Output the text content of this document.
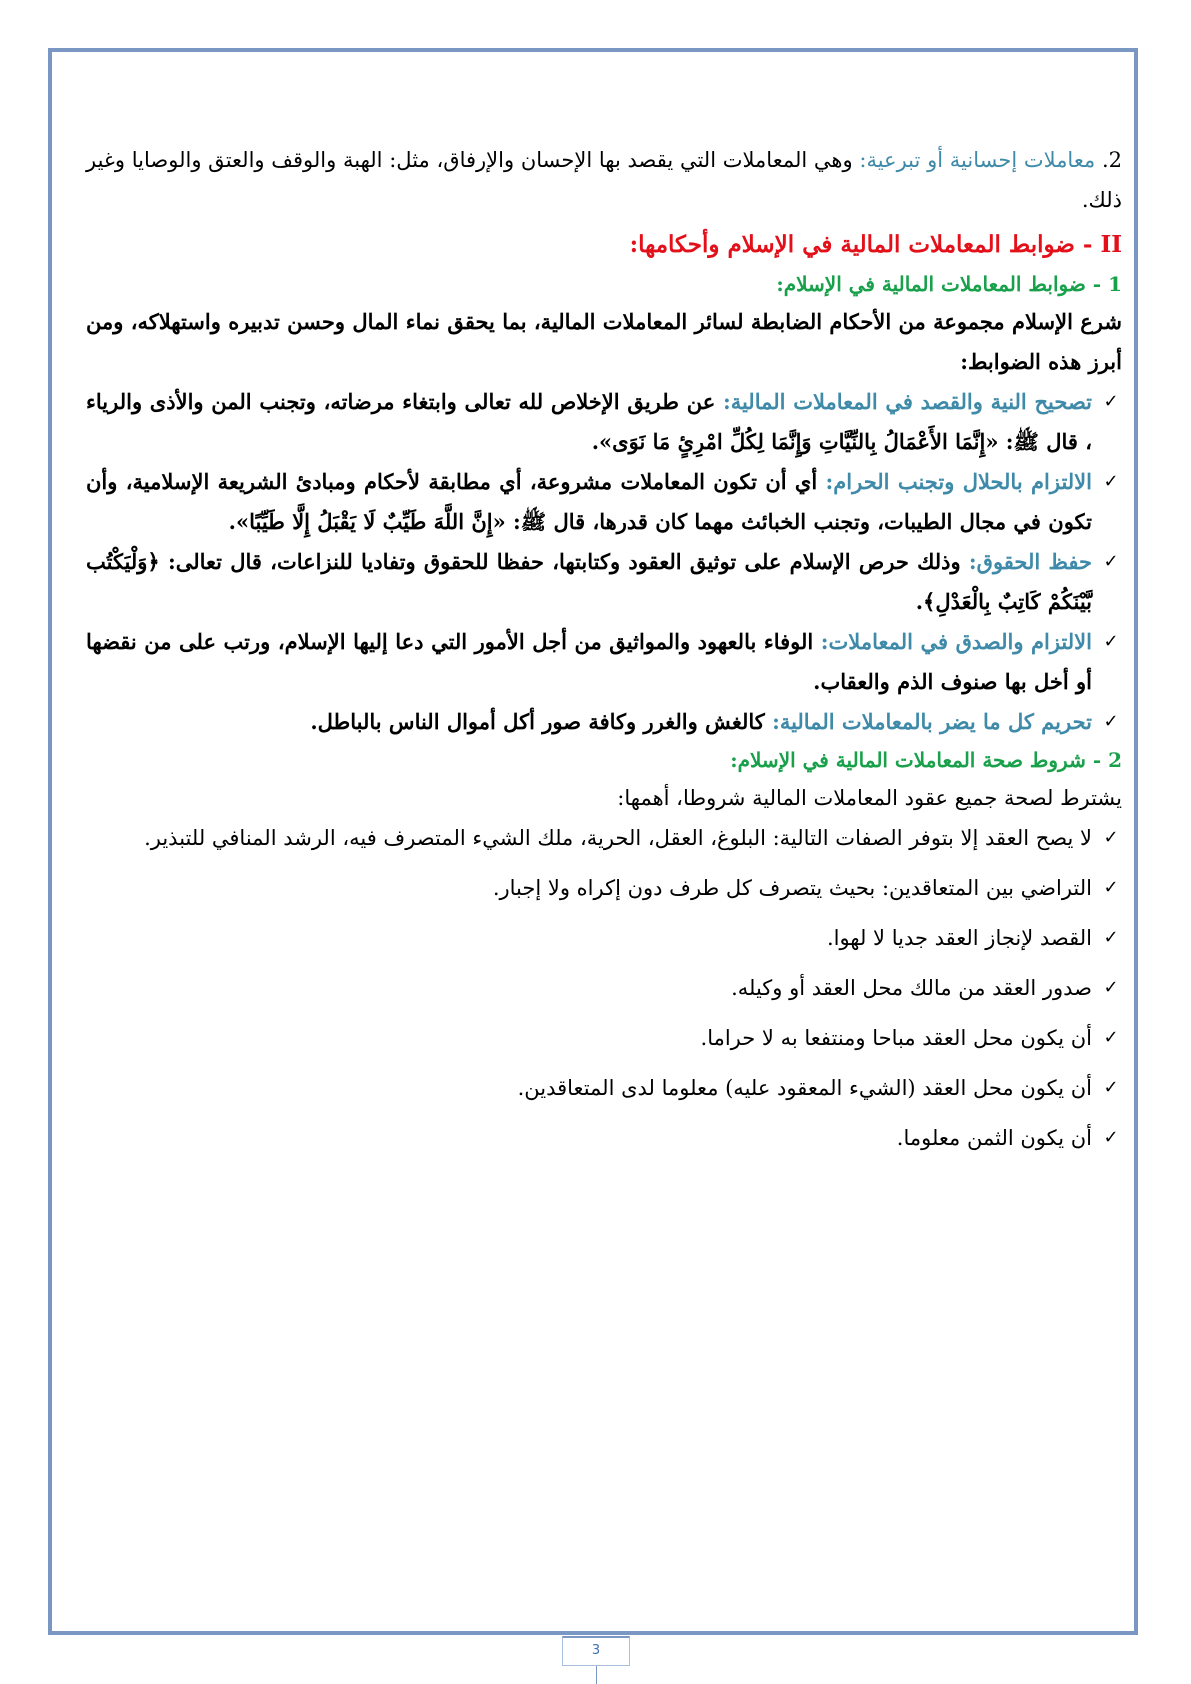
2. معاملات إحسانية أو تبرعية: وهي المعاملات التي يقصد بها الإحسان والإرفاق، مثل: الهبة والوقف والعتق والوصايا وغير ذلك.

II - ضوابط المعاملات المالية في الإسلام وأحكامها:

1 - ضوابط المعاملات المالية في الإسلام:

شرع الإسلام مجموعة من الأحكام الضابطة لسائر المعاملات المالية، بما يحقق نماء المال وحسن تدبيره واستهلاكه، ومن أبرز هذه الضوابط:

✓
تصحيح النية والقصد في المعاملات المالية: عن طريق الإخلاص لله تعالى وابتغاء مرضاته، وتجنب المن والأذى والرياء ، قال ﷺ: «إِنَّمَا الأَعْمَالُ بِالنِّيَّاتِ وَإِنَّمَا لِكُلِّ امْرِئٍ مَا نَوَى».
✓
الالتزام بالحلال وتجنب الحرام: أي أن تكون المعاملات مشروعة، أي مطابقة لأحكام ومبادئ الشريعة الإسلامية، وأن تكون في مجال الطيبات، وتجنب الخبائث مهما كان قدرها، قال ﷺ: «إِنَّ اللَّهَ طَيِّبٌ لَا يَقْبَلُ إِلَّا طَيِّبًا».
✓
حفظ الحقوق: وذلك حرص الإسلام على توثيق العقود وكتابتها، حفظا للحقوق وتفاديا للنزاعات، قال تعالى: ﴿وَلْيَكْتُب بَّيْنَكُمْ كَاتِبٌ بِالْعَدْلِ﴾.
✓
الالتزام والصدق في المعاملات: الوفاء بالعهود والمواثيق من أجل الأمور التي دعا إليها الإسلام، ورتب على من نقضها أو أخل بها صنوف الذم والعقاب.
✓
تحريم كل ما يضر بالمعاملات المالية: كالغش والغرر وكافة صور أكل أموال الناس بالباطل.

2 - شروط صحة المعاملات المالية في الإسلام:

يشترط لصحة جميع عقود المعاملات المالية شروطا، أهمها:

✓
لا يصح العقد إلا بتوفر الصفات التالية: البلوغ، العقل، الحرية، ملك الشيء المتصرف فيه، الرشد المنافي للتبذير.
✓
التراضي بين المتعاقدين: بحيث يتصرف كل طرف دون إكراه ولا إجبار.
✓
القصد لإنجاز العقد جديا لا لهوا.
✓
صدور العقد من مالك محل العقد أو وكيله.
✓
أن يكون محل العقد مباحا ومنتفعا به لا حراما.
✓
أن يكون محل العقد (الشيء المعقود عليه) معلوما لدى المتعاقدين.
✓
أن يكون الثمن معلوما.
3
